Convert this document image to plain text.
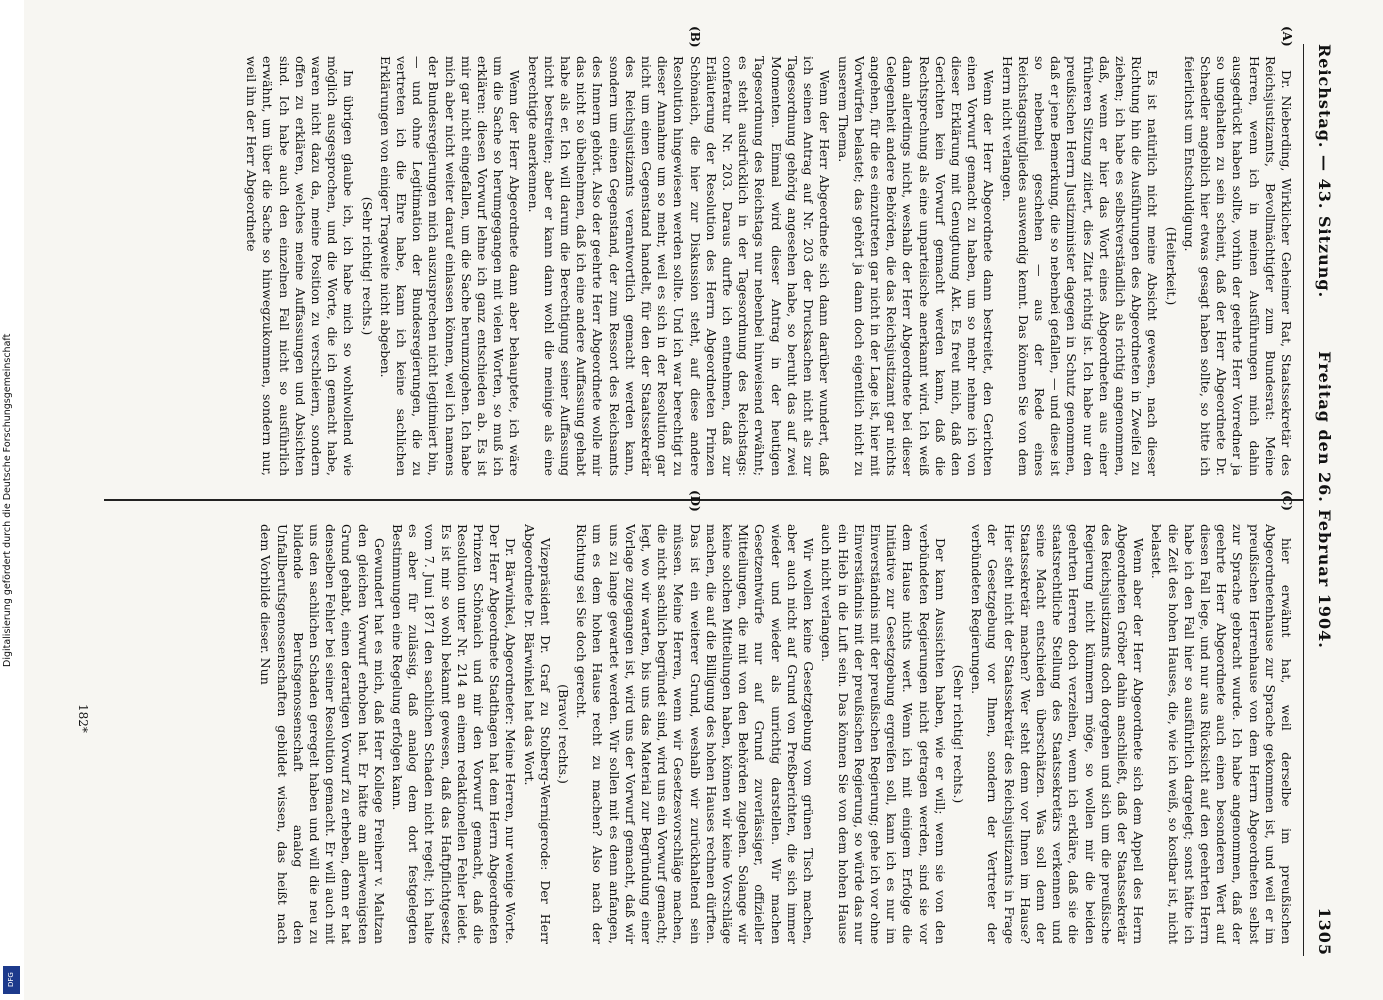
Reichstag. — 43. Sitzung.
Freitag den 26. Februar 1904.
1305
(A)
(B)
(C)
(D)

Dr. Nieberding, Wirklicher Geheimer Rat, Staatssekretär des Reichsjustizamts, Bevollmächtigter zum Bundesrat: Meine Herren, wenn ich in meinen Ausführungen mich dahin ausgedrückt haben sollte, vorhin der geehrte Herr Vorredner ja so ungehalten zu sein scheint, daß der Herr Abgeordnete Dr. Schaedler angeblich hier etwas gesagt haben sollte, so bitte ich feierlichst um Entschuldigung.

(Heiterkeit.)

Es ist natürlich nicht meine Absicht gewesen, nach dieser Richtung hin die Ausführungen des Abgeordneten in Zweifel zu ziehen; ich habe es selbstverständlich als richtig angenommen, daß, wenn er hier das Wort eines Abgeordneten aus einer früheren Sitzung zitiert, dies Zitat richtig ist. Ich habe nur den preußischen Herrn Justizminister dagegen in Schutz genommen, daß er jene Bemerkung, die so nebenbei gefallen, — und diese ist so nebenbei geschehen — aus der Rede eines Reichstagsmitgliedes auswendig kennt. Das können Sie von dem Herrn nicht verlangen.

Wenn der Herr Abgeordnete dann bestreitet, den Gerichten einen Vorwurf gemacht zu haben, um so mehr nehme ich von dieser Erklärung mit Genugtuung Akt. Es freut mich, daß den Gerichten kein Vorwurf gemacht werden kann, daß die Rechtsprechung als eine unparteiische anerkannt wird. Ich weiß dann allerdings nicht, weshalb der Herr Abgeordnete bei dieser Gelegenheit andere Behörden, die das Reichsjustizamt gar nichts angehen, für die es einzutreten gar nicht in der Lage ist, hier mit Vorwürfen belastet; das gehört ja dann doch eigentlich nicht zu unserem Thema.

Wenn der Herr Abgeordnete sich dann darüber wundert, daß ich seinen Antrag auf Nr. 203 der Drucksachen nicht als zur Tagesordnung gehörig angesehen habe, so beruht das auf zwei Momenten. Einmal wird dieser Antrag in der heutigen Tagesordnung des Reichstags nur nebenbei hinweisend erwähnt; es steht ausdrücklich in der Tagesordnung des Reichstags: conferatur Nr. 203. Daraus durfte ich entnehmen, daß zur Erläuterung der Resolution des Herrn Abgeordneten Prinzen Schönaich, die hier zur Diskussion steht, auf diese andere Resolution hingewiesen werden sollte. Und ich war berechtigt zu dieser Annahme um so mehr, weil es sich in der Resolution gar nicht um einen Gegenstand handelt, für den der Staatssekretär des Reichsjustizamts verantwortlich gemacht werden kann, sondern um einen Gegenstand, der zum Ressort des Reichsamts des Innern gehört. Also der geehrte Herr Abgeordnete wolle mir das nicht so übelnehmen, daß ich eine andere Auffassung gehabt habe als er. Ich will darum die Berechtigung seiner Auffassung nicht bestreiten; aber er kann dann wohl die meinige als eine berechtigte anerkennen.

Wenn der Herr Abgeordnete dann aber behauptete, ich wäre um die Sache so herumgegangen mit vielen Worten, so muß ich erklären: diesen Vorwurf lehne ich ganz entschieden ab. Es ist mir gar nicht eingefallen, um die Sache herumzugehen. Ich habe mich aber nicht weiter darauf einlassen können, weil ich namens der Bundesregierungen mich auszusprechen nicht legitimiert bin, — und ohne Legitimation der Bundesregierungen, die zu vertreten ich die Ehre habe, kann ich keine sachlichen Erklärungen von einiger Tragweite nicht abgeben.

(Sehr richtig! rechts.)

Im übrigen glaube ich, ich habe mich so wohlwollend wie möglich ausgesprochen, und die Worte, die ich gemacht habe, waren nicht dazu da, meine Position zu verschleiern, sondern offen zu erklären, welches meine Auffassungen und Absichten sind. Ich habe auch den einzelnen Fall nicht so ausführlich erwähnt, um über die Sache so hinwegzukommen, sondern nur, weil ihn der Herr Abgeordnete

hier erwähnt hat, weil derselbe im preußischen Abgeordnetenhause zur Sprache gekommen ist, und weil er im preußischen Herrenhause von dem Herrn Abgeordneten selbst zur Sprache gebracht wurde. Ich habe angenommen, daß der geehrte Herr Abgeordnete auch einen besonderen Wert auf diesen Fall lege, und nur aus Rücksicht auf den geehrten Herrn habe ich den Fall hier so ausführlich dargelegt; sonst hätte ich die Zeit des hohen Hauses, die, wie ich weiß, so kostbar ist, nicht belastet.

Wenn aber der Herr Abgeordnete sich dem Appell des Herrn Abgeordneten Gröber dahin anschließt, daß der Staatssekretär des Reichsjustizamts doch dorgehen und sich um die preußische Regierung nicht kümmern möge, so wollen mir die beiden geehrten Herren doch verzeihen, wenn ich erkläre, daß sie die staatsrechtliche Stellung des Staatssekretärs verkennen und seine Macht entschieden überschätzen. Was soll denn der Staatssekretär machen? Wer steht denn vor Ihnen im Hause? Hier steht nicht der Staatssekretär des Reichsjustizamts in Frage der Gesetzgebung vor Ihnen, sondern der Vertreter der verbündeten Regierungen.

(Sehr richtig! rechts.)

Der kann Aussichten haben, wie er will; wenn sie von den verbündeten Regierungen nicht getragen werden, sind sie vor dem Hause nichts wert. Wenn ich mit einigem Erfolge die Initiative zur Gesetzgebung ergreifen soll, kann ich es nur im Einverständnis mit der preußischen Regierung; gehe ich vor ohne Einverständnis mit der preußischen Regierung, so würde das nur ein Hieb in die Luft sein. Das können Sie von dem hohen Hause auch nicht verlangen.

Wir wollen keine Gesetzgebung vom grünen Tisch machen, aber auch nicht auf Grund von Preßberichten, die sich immer wieder und wieder als unrichtig darstellen. Wir machen Gesetzentwürfe nur auf Grund zuverlässiger, offizieller Mitteilungen, die mit von den Behörden zugehen. Solange wir keine solchen Mitteilungen haben, können wir keine Vorschläge machen, die auf die Billigung des hohen Hauses rechnen dürften. Das ist ein weiterer Grund, weshalb wir zurückhaltend sein müssen. Meine Herren, wenn wir Gesetzesvorschläge machen, die nicht sachlich begründet sind, wird uns ein Vorwurf gemacht; legt, wo wir warten, bis uns das Material zur Begründung einer Vorlage zugegangen ist, wird uns der Vorwurf gemacht, daß wir uns zu lange gewartet werden. Wir sollen mit es denn anfangen, um es dem hohen Hause recht zu machen? Also nach der Richtung sei Sie doch gerecht.

(Bravo! rechts.)

Vizepräsident Dr. Graf zu Stolberg-Wernigerode: Der Herr Abgeordnete Dr. Bärwinkel hat das Wort.

Dr. Bärwinkel, Abgeordneter: Meine Herren, nur wenige Worte. Der Herr Abgeordnete Stadthagen hat dem Herrn Abgeordneten Prinzen Schönaich und mir den Vorwurf gemacht, daß die Resolution unter Nr. 214 an einem redaktionellen Fehler leidet. Es ist mir so wohl bekannt gewesen, daß das Haftpflichtgesetz vom 7. Juni 1871 den sachlichen Schaden nicht regelt; ich halte es aber für zulässig, daß analog dem dort festgelegten Bestimmungen eine Regelung erfolgen kann.

Gewundert hat es mich, daß Herr Kollege Freiherr v. Maltzan den gleichen Vorwurf erhoben hat. Er hätte am allerwenigsten Grund gehabt, einen derartigen Vorwurf zu erheben, denn er hat denselben Fehler bei seiner Resolution gemacht. Er will auch mit uns den sachlichen Schaden geregelt haben und will die neu zu bildende Berufsgenossenschaft analog den Unfallberufsgenossenschaften gebildet wissen, das heißt nach dem Vorbilde dieser. Nun

182*
Digitalisierung gefördert durch die Deutsche Forschungsgemeinschaft
DFG
